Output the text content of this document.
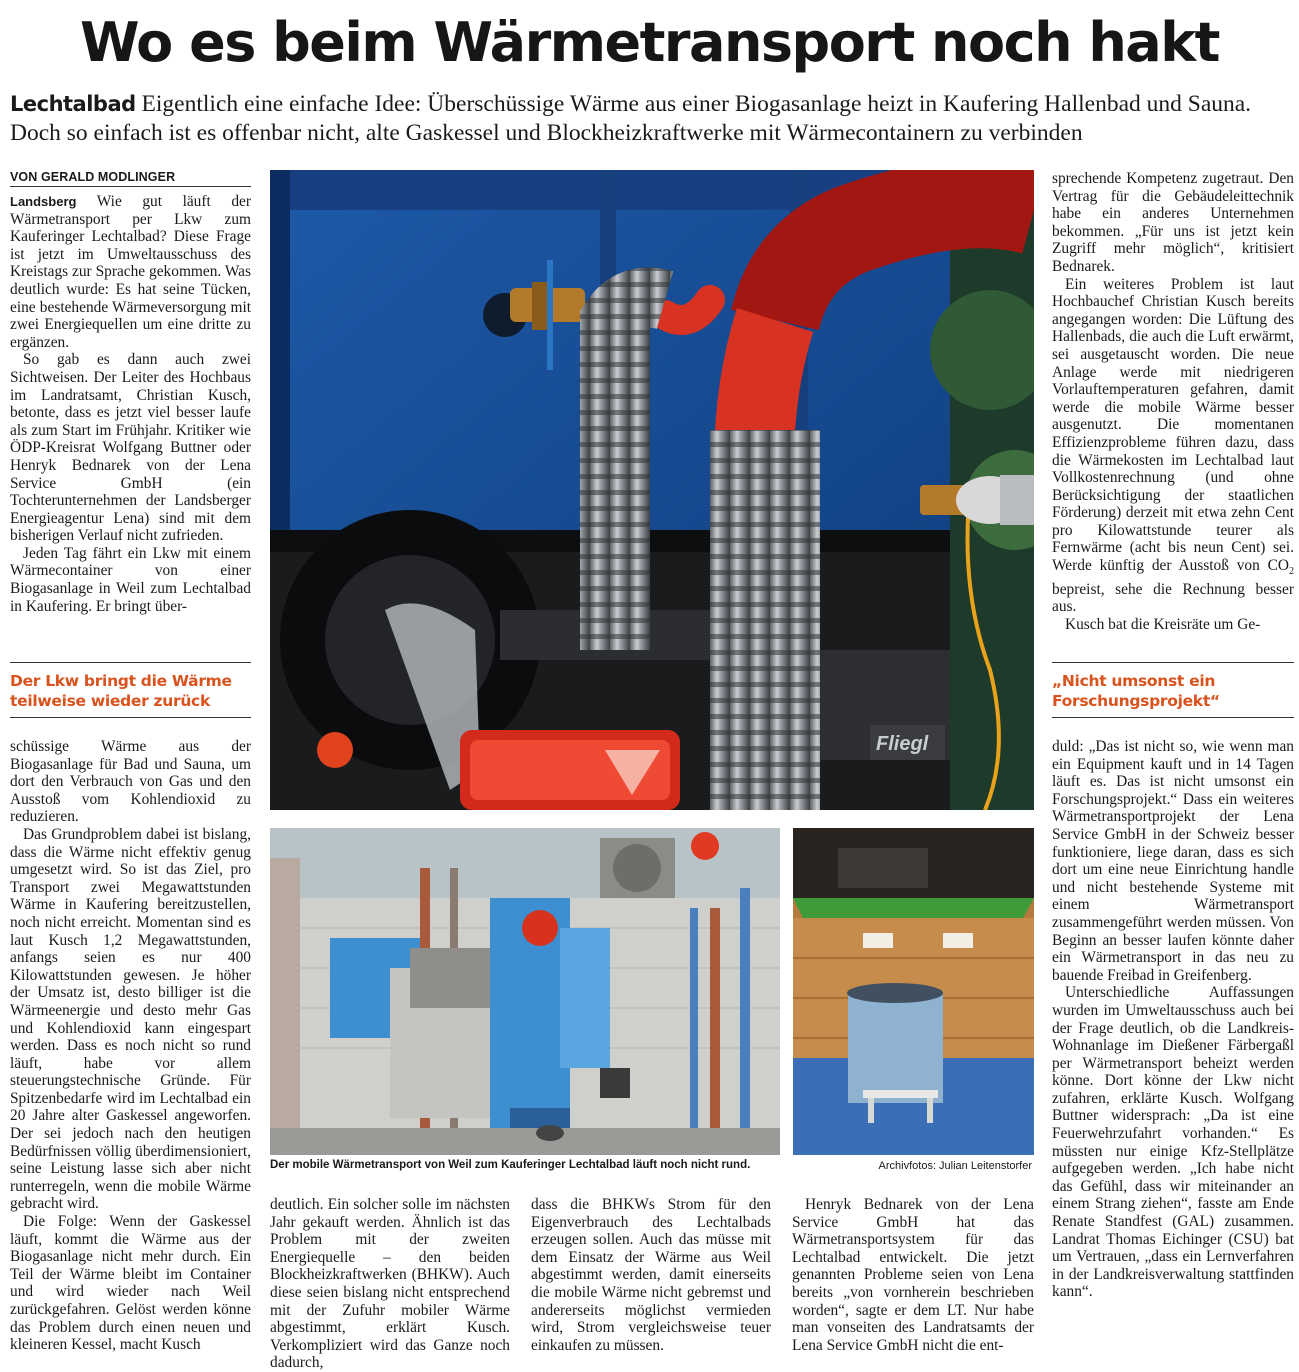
Wo es beim Wärmetransport noch hakt
Lechtalbad Eigentlich eine einfache Idee: Überschüssige Wärme aus einer Biogasanlage heizt in Kaufering Hallenbad und Sauna. Doch so einfach ist es offenbar nicht, alte Gaskessel und Blockheizkraftwerke mit Wärmecontainern zu verbinden
VON GERALD MODLINGER

Landsberg Wie gut läuft der Wärmetransport per Lkw zum Kauferinger Lechtalbad? Diese Frage ist jetzt im Umweltausschuss des Kreistags zur Sprache gekommen. Was deutlich wurde: Es hat seine Tücken, eine bestehende Wärmeversorgung mit zwei Energiequellen um eine dritte zu ergänzen.

So gab es dann auch zwei Sichtweisen. Der Leiter des Hochbaus im Landratsamt, Christian Kusch, betonte, dass es jetzt viel besser laufe als zum Start im Frühjahr. Kritiker wie ÖDP-Kreisrat Wolfgang Buttner oder Henryk Bednarek von der Lena Service GmbH (ein Tochterunternehmen der Landsberger Energieagentur Lena) sind mit dem bisherigen Verlauf nicht zufrieden.

Jeden Tag fährt ein Lkw mit einem Wärmecontainer von einer Biogasanlage in Weil zum Lechtalbad in Kaufering. Er bringt über-

Der Lkw bringt die Wärme teilweise wieder zurück

schüssige Wärme aus der Biogasanlage für Bad und Sauna, um dort den Verbrauch von Gas und den Ausstoß vom Kohlendioxid zu reduzieren.

Das Grundproblem dabei ist bislang, dass die Wärme nicht effektiv genug umgesetzt wird. So ist das Ziel, pro Transport zwei Megawattstunden Wärme in Kaufering bereitzustellen, noch nicht erreicht. Momentan sind es laut Kusch 1,2 Megawattstunden, anfangs seien es nur 400 Kilowattstunden gewesen. Je höher der Umsatz ist, desto billiger ist die Wärmeenergie und desto mehr Gas und Kohlendioxid kann eingespart werden. Dass es noch nicht so rund läuft, habe vor allem steuerungstechnische Gründe. Für Spitzenbedarfe wird im Lechtalbad ein 20 Jahre alter Gaskessel angeworfen. Der sei jedoch nach den heutigen Bedürfnissen völlig überdimensioniert, seine Leistung lasse sich aber nicht runterregeln, wenn die mobile Wärme gebracht wird.

Die Folge: Wenn der Gaskessel läuft, kommt die Wärme aus der Biogasanlage nicht mehr durch. Ein Teil der Wärme bleibt im Container und wird wieder nach Weil zurückgefahren. Gelöst werden könne das Problem durch einen neuen und kleineren Kessel, macht Kusch

Fliegl
Der mobile Wärmetransport von Weil zum Kauferinger Lechtalbad läuft noch nicht rund.	Archivfotos: Julian Leitenstorfer

deutlich. Ein solcher solle im nächsten Jahr gekauft werden. Ähnlich ist das Problem mit der zweiten Energiequelle – den beiden Blockheizkraftwerken (BHKW). Auch diese seien bislang nicht entsprechend mit der Zufuhr mobiler Wärme abgestimmt, erklärt Kusch. Verkompliziert wird das Ganze noch dadurch,

dass die BHKWs Strom für den Eigenverbrauch des Lechtalbads erzeugen sollen. Auch das müsse mit dem Einsatz der Wärme aus Weil abgestimmt werden, damit einerseits die mobile Wärme nicht gebremst und andererseits möglichst vermieden wird, Strom vergleichsweise teuer einkaufen zu müssen.

Henryk Bednarek von der Lena Service GmbH hat das Wärmetransportsystem für das Lechtalbad entwickelt. Die jetzt genannten Probleme seien von Lena bereits „von vornherein beschrieben worden“, sagte er dem LT. Nur habe man vonseiten des Landratsamts der Lena Service GmbH nicht die ent-

sprechende Kompetenz zugetraut. Den Vertrag für die Gebäudeleittechnik habe ein anderes Unternehmen bekommen. „Für uns ist jetzt kein Zugriff mehr möglich“, kritisiert Bednarek.

Ein weiteres Problem ist laut Hochbauchef Christian Kusch bereits angegangen worden: Die Lüftung des Hallenbads, die auch die Luft erwärmt, sei ausgetauscht worden. Die neue Anlage werde mit niedrigeren Vorlauftemperaturen gefahren, damit werde die mobile Wärme besser ausgenutzt. Die momentanen Effizienzprobleme führen dazu, dass die Wärmekosten im Lechtalbad laut Vollkostenrechnung (und ohne Berücksichtigung der staatlichen Förderung) derzeit mit etwa zehn Cent pro Kilowattstunde teurer als Fernwärme (acht bis neun Cent) sei. Werde künftig der Ausstoß von $CO_2$ bepreist, sehe die Rechnung besser aus.

Kusch bat die Kreisräte um Ge-

„Nicht umsonst ein Forschungsprojekt“

duld: „Das ist nicht so, wie wenn man ein Equipment kauft und in 14 Tagen läuft es. Das ist nicht umsonst ein Forschungsprojekt.“ Dass ein weiteres Wärmetransportprojekt der Lena Service GmbH in der Schweiz besser funktioniere, liege daran, dass es sich dort um eine neue Einrichtung handle und nicht bestehende Systeme mit einem Wärmetransport zusammengeführt werden müssen. Von Beginn an besser laufen könnte daher ein Wärmetransport in das neu zu bauende Freibad in Greifenberg.

Unterschiedliche Auffassungen wurden im Umweltausschuss auch bei der Frage deutlich, ob die Landkreis-Wohnanlage im Dießener Färbergaßl per Wärmetransport beheizt werden könne. Dort könne der Lkw nicht zufahren, erklärte Kusch. Wolfgang Buttner widersprach: „Da ist eine Feuerwehrzufahrt vorhanden.“ Es müssten nur einige Kfz-Stellplätze aufgegeben werden. „Ich habe nicht das Gefühl, dass wir miteinander an einem Strang ziehen“, fasste am Ende Renate Standfest (GAL) zusammen. Landrat Thomas Eichinger (CSU) bat um Vertrauen, „dass ein Lernverfahren in der Landkreisverwaltung stattfinden kann“.
